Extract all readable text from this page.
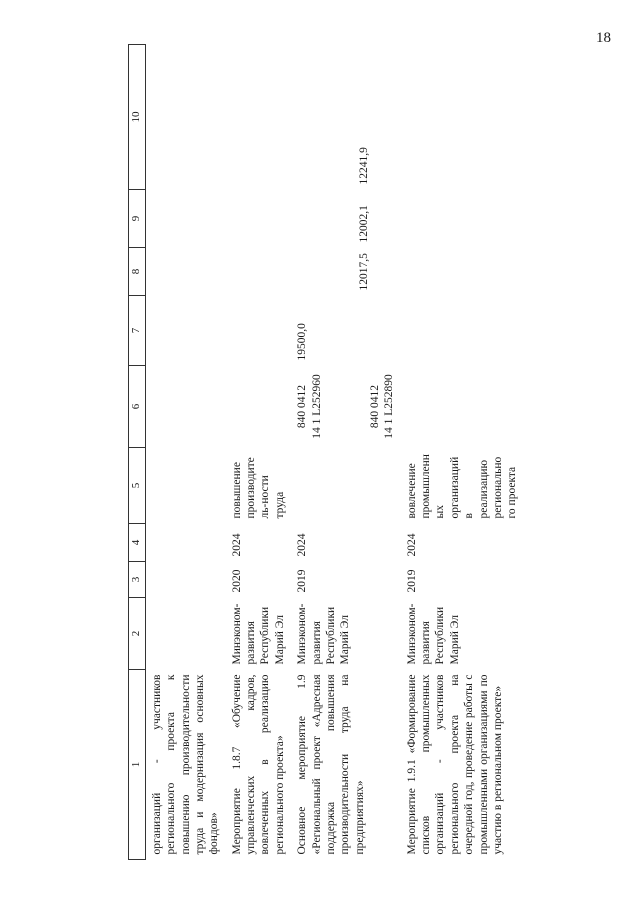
18
1	2	3	4	5	6	7	8	9	10
организаций - участников регионального проекта к повышению производительности труда и модернизация основных фондов»									
Мероприятие 1.8.7 «Обучение управленческих кадров, вовлеченных в реализацию регионального проекта»	Минэконом-развития Республики Марий Эл	2020	2024	повышение производитель-ности труда					
Основное мероприятие 1.9 «Региональный проект «Адресная поддержка повышения производительности труда на предприятиях»	Минэконом-развития Республики Марий Эл	2019	2024		840 0412 14 1 L252960 840 0412 14 1 L252890	19500,0	12017,5	12002,1	12241,9
Мероприятие 1.9.1 «Формирование списков промышленных организаций - участников регионального проекта на очередной год, проведение работы с промышленными организациями по участию в региональном проекте»	Минэконом-развития Республики Марий Эл	2019	2024	вовлечение промышленных организаций в реализацию регионального проекта					
